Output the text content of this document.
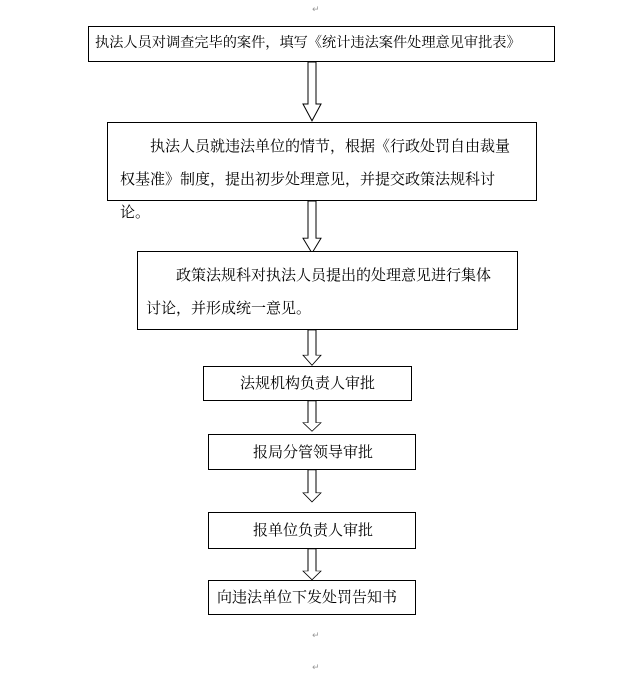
↵
执法人员对调查完毕的案件，填写《统计违法案件处理意见审批表》
执法人员就违法单位的情节，根据《行政处罚自由裁量权基准》制度，提出初步处理意见，并提交政策法规科讨论。
政策法规科对执法人员提出的处理意见进行集体讨论，并形成统一意见。
法规机构负责人审批
报局分管领导审批
报单位负责人审批
向违法单位下发处罚告知书
↵
↵
